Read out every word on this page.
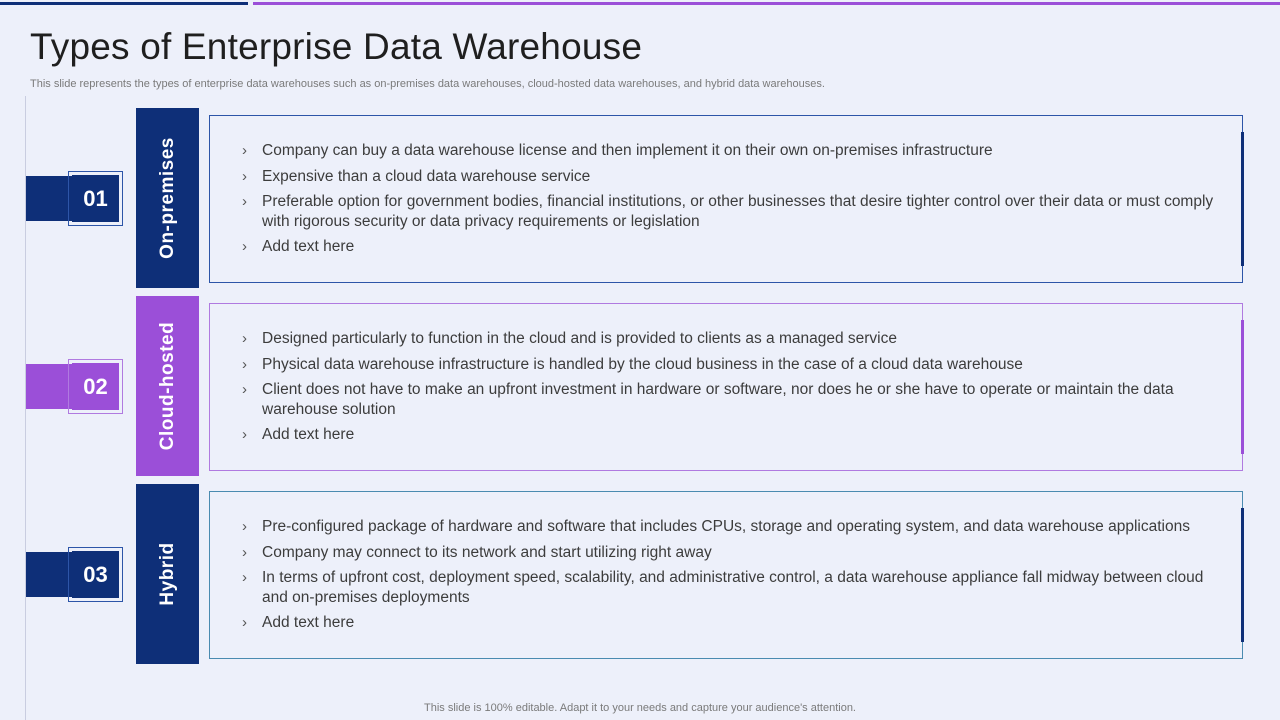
Types of Enterprise Data Warehouse
This slide represents the types of enterprise data warehouses such as on-premises data warehouses, cloud-hosted data warehouses, and hybrid data warehouses.
01	On-premises	› Company can buy a data warehouse license and then implement it on their own on-premises infrastructure
› Expensive than a cloud data warehouse service
› Preferable option for government bodies, financial institutions, or other businesses that desire tighter control over their data or must comply with rigorous security or data privacy requirements or legislation
› Add text here
02	Cloud-hosted	› Designed particularly to function in the cloud and is provided to clients as a managed service
› Physical data warehouse infrastructure is handled by the cloud business in the case of a cloud data warehouse
› Client does not have to make an upfront investment in hardware or software, nor does he or she have to operate or maintain the data warehouse solution
› Add text here
03	Hybrid
› Pre-configured package of hardware and software that includes CPUs, storage and operating system, and data warehouse applications
› Company may connect to its network and start utilizing right away
› In terms of upfront cost, deployment speed, scalability, and administrative control, a data warehouse appliance fall midway between cloud and on-premises deployments
› Add text here
This slide is 100% editable. Adapt it to your needs and capture your audience's attention.
